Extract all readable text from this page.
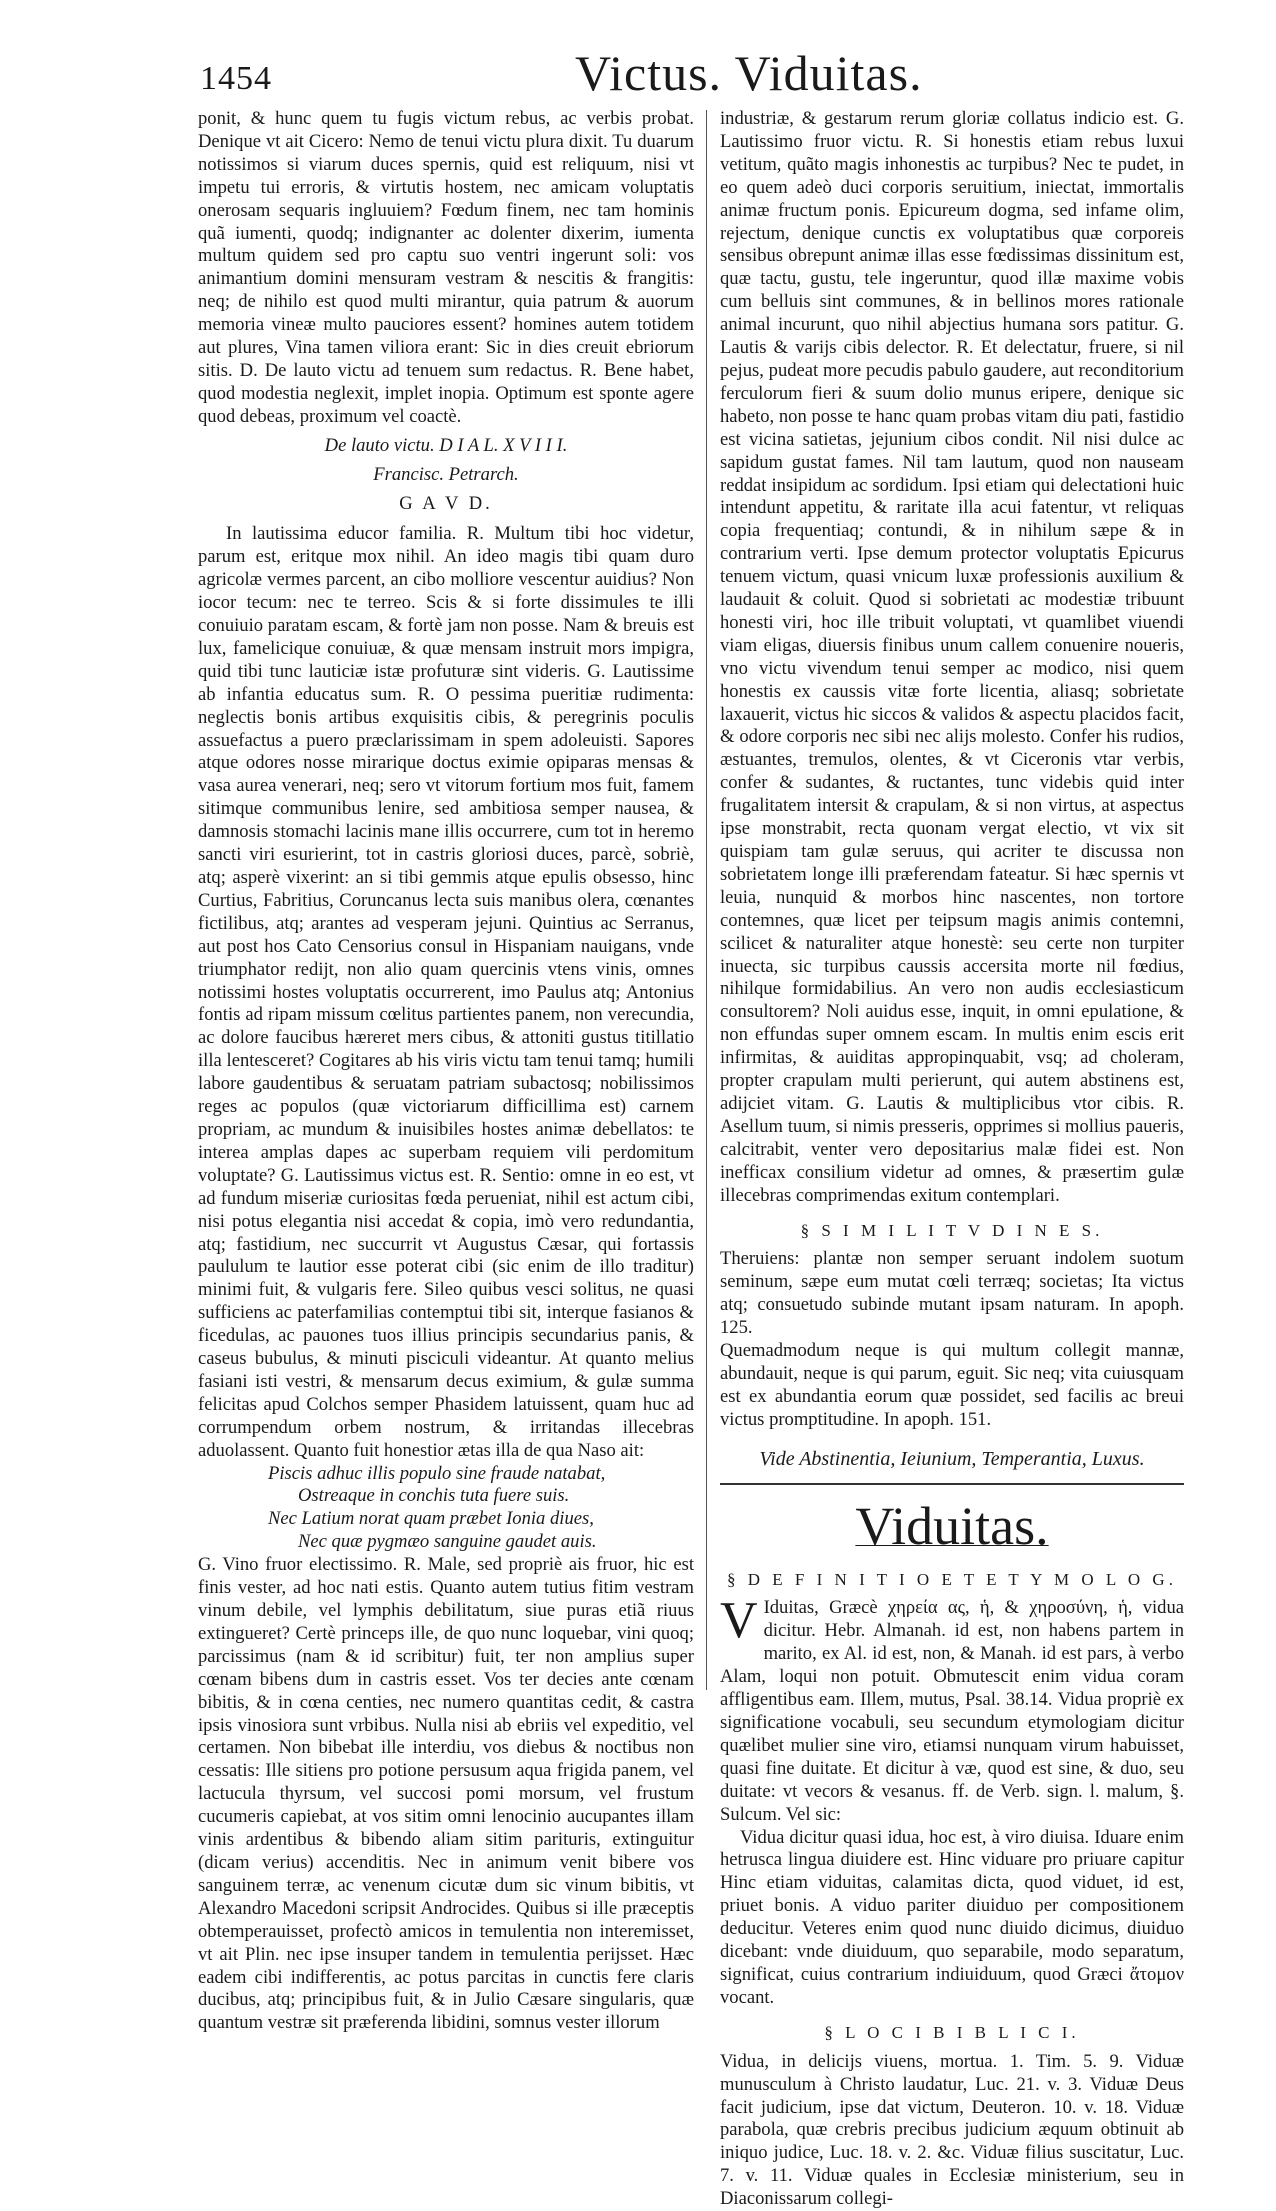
1454	Victus. Viduitas.

ponit, & hunc quem tu fugis victum rebus, ac verbis probat. Denique vt ait Cicero: Nemo de tenui victu plura dixit. Tu duarum notissimos si viarum duces spernis, quid est reliquum, nisi vt impetu tui erroris, & virtutis hostem, nec amicam voluptatis onerosam sequaris ingluuiem? Fœdum finem, nec tam hominis quã iumenti, quodq; indignanter ac dolenter dixerim, iumenta multum quidem sed pro captu suo ventri ingerunt soli: vos animantium domini mensuram vestram & nescitis & frangitis: neq; de nihilo est quod multi mirantur, quia patrum & auorum memoria vineæ multo pauciores essent? homines autem totidem aut plures, Vina tamen viliora erant: Sic in dies creuit ebriorum sitis. D. De lauto victu ad tenuem sum redactus. R. Bene habet, quod modestia neglexit, implet inopia. Optimum est sponte agere quod debeas, proximum vel coactè.

De lauto victu. D I A L. X V I I I.
Francisc. Petrarch.
G A V D.

In lautissima educor familia. R. Multum tibi hoc videtur, parum est, eritque mox nihil. An ideo magis tibi quam duro agricolæ vermes parcent, an cibo molliore vescentur auidius? Non iocor tecum: nec te terreo. Scis & si forte dissimules te illi conuiuio paratam escam, & fortè jam non posse. Nam & breuis est lux, famelicique conuiuæ, & quæ mensam instruit mors impigra, quid tibi tunc lauticiæ istæ profuturæ sint videris. G. Lautissime ab infantia educatus sum. R. O pessima pueritiæ rudimenta: neglectis bonis artibus exquisitis cibis, & peregrinis poculis assuefactus a puero præclarissimam in spem adoleuisti. Sapores atque odores nosse mirarique doctus eximie opiparas mensas & vasa aurea venerari, neq; sero vt vitorum fortium mos fuit, famem sitimque communibus lenire, sed ambitiosa semper nausea, & damnosis stomachi lacinis mane illis occurrere, cum tot in heremo sancti viri esurierint, tot in castris gloriosi duces, parcè, sobriè, atq; asperè vixerint: an si tibi gemmis atque epulis obsesso, hinc Curtius, Fabritius, Coruncanus lecta suis manibus olera, cœnantes fictilibus, atq; arantes ad vesperam jejuni. Quintius ac Serranus, aut post hos Cato Censorius consul in Hispaniam nauigans, vnde triumphator redijt, non alio quam quercinis vtens vinis, omnes notissimi hostes voluptatis occurrerent, imo Paulus atq; Antonius fontis ad ripam missum cœlitus partientes panem, non verecundia, ac dolore faucibus hæreret mers cibus, & attoniti gustus titillatio illa lentesceret? Cogitares ab his viris victu tam tenui tamq; humili labore gaudentibus & seruatam patriam subactosq; nobilissimos reges ac populos (quæ victoriarum difficillima est) carnem propriam, ac mundum & inuisibiles hostes animæ debellatos: te interea amplas dapes ac superbam requiem vili perdomitum voluptate? G. Lautissimus victus est. R. Sentio: omne in eo est, vt ad fundum miseriæ curiositas fœda perueniat, nihil est actum cibi, nisi potus elegantia nisi accedat & copia, imò vero redundantia, atq; fastidium, nec succurrit vt Augustus Cæsar, qui fortassis paululum te lautior esse poterat cibi (sic enim de illo traditur) minimi fuit, & vulgaris fere. Sileo quibus vesci solitus, ne quasi sufficiens ac paterfamilias contemptui tibi sit, interque fasianos & ficedulas, ac pauones tuos illius principis secundarius panis, & caseus bubulus, & minuti pisciculi videantur. At quanto melius fasiani isti vestri, & mensarum decus eximium, & gulæ summa felicitas apud Colchos semper Phasidem latuissent, quam huc ad corrumpendum orbem nostrum, & irritandas illecebras aduolassent. Quanto fuit honestior ætas illa de qua Naso ait:

Piscis adhuc illis populo sine fraude natabat,
Ostreaque in conchis tuta fuere suis.
Nec Latium norat quam præbet Ionia diues,
Nec quæ pygmæo sanguine gaudet auis.

G. Vino fruor electissimo. R. Male, sed propriè ais fruor, hic est finis vester, ad hoc nati estis. Quanto autem tutius fitim vestram vinum debile, vel lymphis debilitatum, siue puras etiã riuus extingueret? Certè princeps ille, de quo nunc loquebar, vini quoq; parcissimus (nam & id scribitur) fuit, ter non amplius super cœnam bibens dum in castris esset. Vos ter decies ante cœnam bibitis, & in cœna centies, nec numero quantitas cedit, & castra ipsis vinosiora sunt vrbibus. Nulla nisi ab ebriis vel expeditio, vel certamen. Non bibebat ille interdiu, vos diebus & noctibus non cessatis: Ille sitiens pro potione persusum aqua frigida panem, vel lactucula thyrsum, vel succosi pomi morsum, vel frustum cucumeris capiebat, at vos sitim omni lenocinio aucupantes illam vinis ardentibus & bibendo aliam sitim parituris, extinguitur (dicam verius) accenditis. Nec in animum venit bibere vos sanguinem terræ, ac venenum cicutæ dum sic vinum bibitis, vt Alexandro Macedoni scripsit Androcides. Quibus si ille præceptis obtemperauisset, profectò amicos in temulentia non interemisset, vt ait Plin. nec ipse insuper tandem in temulentia perijsset. Hæc eadem cibi indifferentis, ac potus parcitas in cunctis fere claris ducibus, atq; principibus fuit, & in Julio Cæsare singularis, quæ quantum vestræ sit præferenda libidini, somnus vester illorum

industriæ, & gestarum rerum gloriæ collatus indicio est. G. Lautissimo fruor victu. R. Si honestis etiam rebus luxui vetitum, quãto magis inhonestis ac turpibus? Nec te pudet, in eo quem adeò duci corporis seruitium, iniectat, immortalis animæ fructum ponis. Epicureum dogma, sed infame olim, rejectum, denique cunctis ex voluptatibus quæ corporeis sensibus obrepunt animæ illas esse fœdissimas dissinitum est, quæ tactu, gustu, tele ingeruntur, quod illæ maxime vobis cum belluis sint communes, & in bellinos mores rationale animal incurunt, quo nihil abjectius humana sors patitur. G. Lautis & varijs cibis delector. R. Et delectatur, fruere, si nil pejus, pudeat more pecudis pabulo gaudere, aut reconditorium ferculorum fieri & suum dolio munus eripere, denique sic habeto, non posse te hanc quam probas vitam diu pati, fastidio est vicina satietas, jejunium cibos condit. Nil nisi dulce ac sapidum gustat fames. Nil tam lautum, quod non nauseam reddat insipidum ac sordidum. Ipsi etiam qui delectationi huic intendunt appetitu, & raritate illa acui fatentur, vt reliquas copia frequentiaq; contundi, & in nihilum sæpe & in contrarium verti. Ipse demum protector voluptatis Epicurus tenuem victum, quasi vnicum luxæ professionis auxilium & laudauit & coluit. Quod si sobrietati ac modestiæ tribuunt honesti viri, hoc ille tribuit voluptati, vt quamlibet viuendi viam eligas, diuersis finibus unum callem conuenire noueris, vno victu vivendum tenui semper ac modico, nisi quem honestis ex caussis vitæ forte licentia, aliasq; sobrietate laxauerit, victus hic siccos & validos & aspectu placidos facit, & odore corporis nec sibi nec alijs molesto. Confer his rudios, æstuantes, tremulos, olentes, & vt Ciceronis vtar verbis, confer & sudantes, & ructantes, tunc videbis quid inter frugalitatem intersit & crapulam, & si non virtus, at aspectus ipse monstrabit, recta quonam vergat electio, vt vix sit quispiam tam gulæ seruus, qui acriter te discussa non sobrietatem longe illi præferendam fateatur. Si hæc spernis vt leuia, nunquid & morbos hinc nascentes, non tortore contemnes, quæ licet per teipsum magis animis contemni, scilicet & naturaliter atque honestè: seu certe non turpiter inuecta, sic turpibus caussis accersita morte nil fœdius, nihilque formidabilius. An vero non audis ecclesiasticum consultorem? Noli auidus esse, inquit, in omni epulatione, & non effundas super omnem escam. In multis enim escis erit infirmitas, & auiditas appropinquabit, vsq; ad choleram, propter crapulam multi perierunt, qui autem abstinens est, adijciet vitam. G. Lautis & multiplicibus vtor cibis. R. Asellum tuum, si nimis presseris, opprimes si mollius paueris, calcitrabit, venter vero depositarius malæ fidei est. Non inefficax consilium videtur ad omnes, & præsertim gulæ illecebras comprimendas exitum contemplari.

§ S I M I L I T V D I N E S.

Theruiens: plantæ non semper seruant indolem suotum seminum, sæpe eum mutat cœli terræq; societas; Ita victus atq; consuetudo subinde mutant ipsam naturam. In apoph. 125.

Quemadmodum neque is qui multum collegit mannæ, abundauit, neque is qui parum, eguit. Sic neq; vita cuiusquam est ex abundantia eorum quæ possidet, sed facilis ac breui victus promptitudine. In apoph. 151.

Vide Abstinentia, Ieiunium, Temperantia, Luxus.
Viduitas.
§ D E F I N I T I O E T E T Y M O L O G.

V Iduitas, Græcè χηρεία ας, ἡ, & χηροσύνη, ἡ, vidua dicitur. Hebr. Almanah. id est, non habens partem in marito, ex Al. id est, non, & Manah. id est pars, à verbo Alam, loqui non potuit. Obmutescit enim vidua coram affligentibus eam. Illem, mutus, Psal. 38.14. Vidua propriè ex significatione vocabuli, seu secundum etymologiam dicitur quælibet mulier sine viro, etiamsi nunquam virum habuisset, quasi fine duitate. Et dicitur à væ, quod est sine, & duo, seu duitate: vt vecors & vesanus. ff. de Verb. sign. l. malum, §. Sulcum. Vel sic:

Vidua dicitur quasi idua, hoc est, à viro diuisa. Iduare enim hetrusca lingua diuidere est. Hinc viduare pro priuare capitur Hinc etiam viduitas, calamitas dicta, quod viduet, id est, priuet bonis. A viduo pariter diuiduo per compositionem deducitur. Veteres enim quod nunc diuido dicimus, diuiduo dicebant: vnde diuiduum, quo separabile, modo separatum, significat, cuius contrarium indiuiduum, quod Græci ἄτομον vocant.

§ L O C I B I B L I C I.

Vidua, in delicijs viuens, mortua. 1. Tim. 5. 9. Viduæ munusculum à Christo laudatur, Luc. 21. v. 3. Viduæ Deus facit judicium, ipse dat victum, Deuteron. 10. v. 18. Viduæ parabola, quæ crebris precibus judicium æquum obtinuit ab iniquo judice, Luc. 18. v. 2. &c. Viduæ filius suscitatur, Luc. 7. v. 11. Viduæ quales in Ecclesiæ ministerium, seu in Diaconissarum collegi-
